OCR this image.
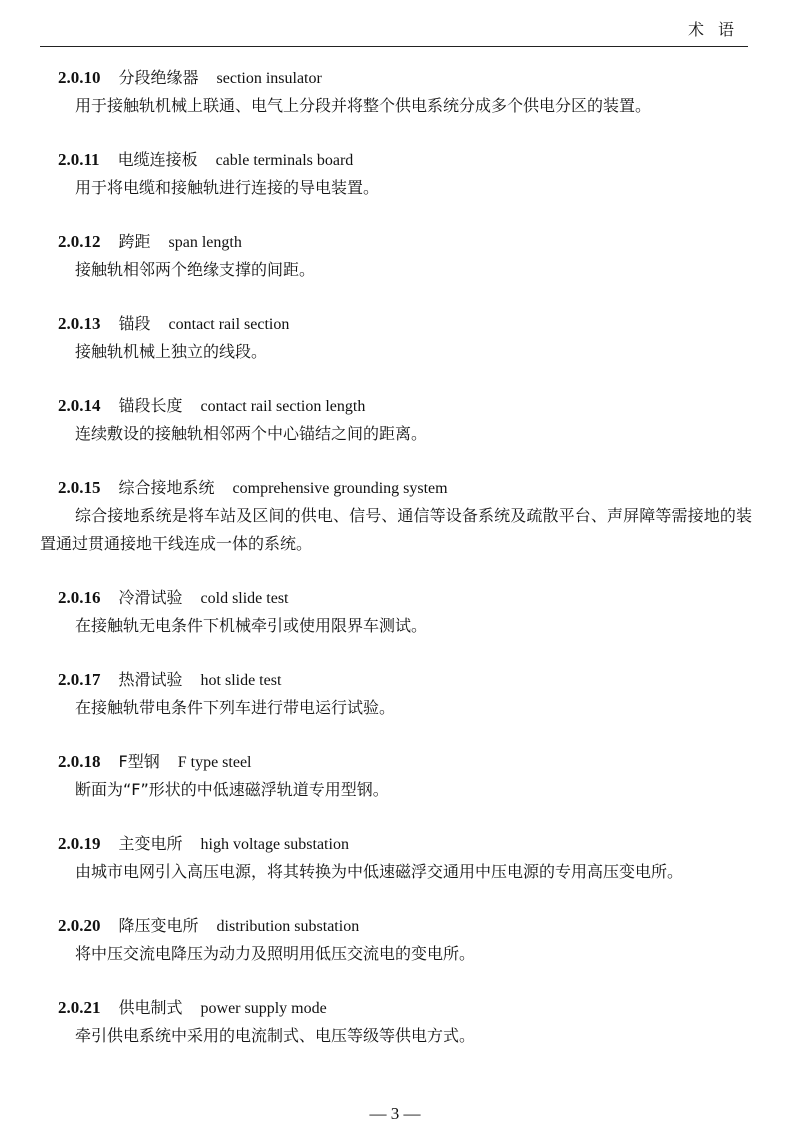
术语
2.0.10 分段绝缘器 section insulator

用于接触轨机械上联通、电气上分段并将整个供电系统分成多个供电分区的装置。

2.0.11 电缆连接板 cable terminals board

用于将电缆和接触轨进行连接的导电装置。

2.0.12 跨距 span length

接触轨相邻两个绝缘支撑的间距。

2.0.13 锚段 contact rail section

接触轨机械上独立的线段。

2.0.14 锚段长度 contact rail section length

连续敷设的接触轨相邻两个中心锚结之间的距离。

2.0.15 综合接地系统 comprehensive grounding system

综合接地系统是将车站及区间的供电、信号、通信等设备系统及疏散平台、声屏障等需接地的装置通过贯通接地干线连成一体的系统。

2.0.16 冷滑试验 cold slide test

在接触轨无电条件下机械牵引或使用限界车测试。

2.0.17 热滑试验 hot slide test

在接触轨带电条件下列车进行带电运行试验。

2.0.18 F型钢 F type steel

断面为“F”形状的中低速磁浮轨道专用型钢。

2.0.19 主变电所 high voltage substation

由城市电网引入高压电源，将其转换为中低速磁浮交通用中压电源的专用高压变电所。

2.0.20 降压变电所 distribution substation

将中压交流电降压为动力及照明用低压交流电的变电所。

2.0.21 供电制式 power supply mode

牵引供电系统中采用的电流制式、电压等级等供电方式。

— 3 —
